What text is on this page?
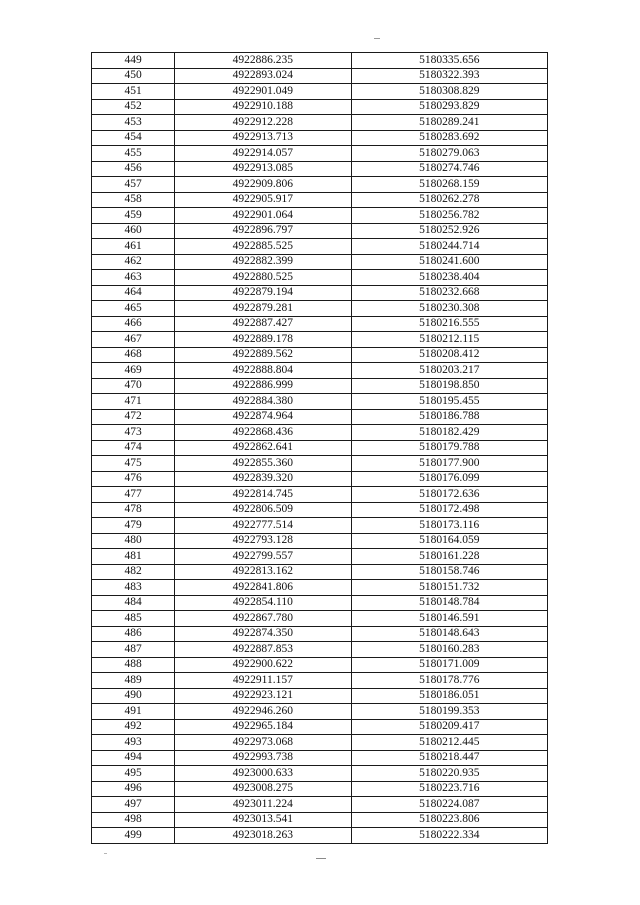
449	4922886.235	5180335.656
450	4922893.024	5180322.393
451	4922901.049	5180308.829
452	4922910.188	5180293.829
453	4922912.228	5180289.241
454	4922913.713	5180283.692
455	4922914.057	5180279.063
456	4922913.085	5180274.746
457	4922909.806	5180268.159
458	4922905.917	5180262.278
459	4922901.064	5180256.782
460	4922896.797	5180252.926
461	4922885.525	5180244.714
462	4922882.399	5180241.600
463	4922880.525	5180238.404
464	4922879.194	5180232.668
465	4922879.281	5180230.308
466	4922887.427	5180216.555
467	4922889.178	5180212.115
468	4922889.562	5180208.412
469	4922888.804	5180203.217
470	4922886.999	5180198.850
471	4922884.380	5180195.455
472	4922874.964	5180186.788
473	4922868.436	5180182.429
474	4922862.641	5180179.788
475	4922855.360	5180177.900
476	4922839.320	5180176.099
477	4922814.745	5180172.636
478	4922806.509	5180172.498
479	4922777.514	5180173.116
480	4922793.128	5180164.059
481	4922799.557	5180161.228
482	4922813.162	5180158.746
483	4922841.806	5180151.732
484	4922854.110	5180148.784
485	4922867.780	5180146.591
486	4922874.350	5180148.643
487	4922887.853	5180160.283
488	4922900.622	5180171.009
489	4922911.157	5180178.776
490	4922923.121	5180186.051
491	4922946.260	5180199.353
492	4922965.184	5180209.417
493	4922973.068	5180212.445
494	4922993.738	5180218.447
495	4923000.633	5180220.935
496	4923008.275	5180223.716
497	4923011.224	5180224.087
498	4923013.541	5180223.806
499	4923018.263	5180222.334
